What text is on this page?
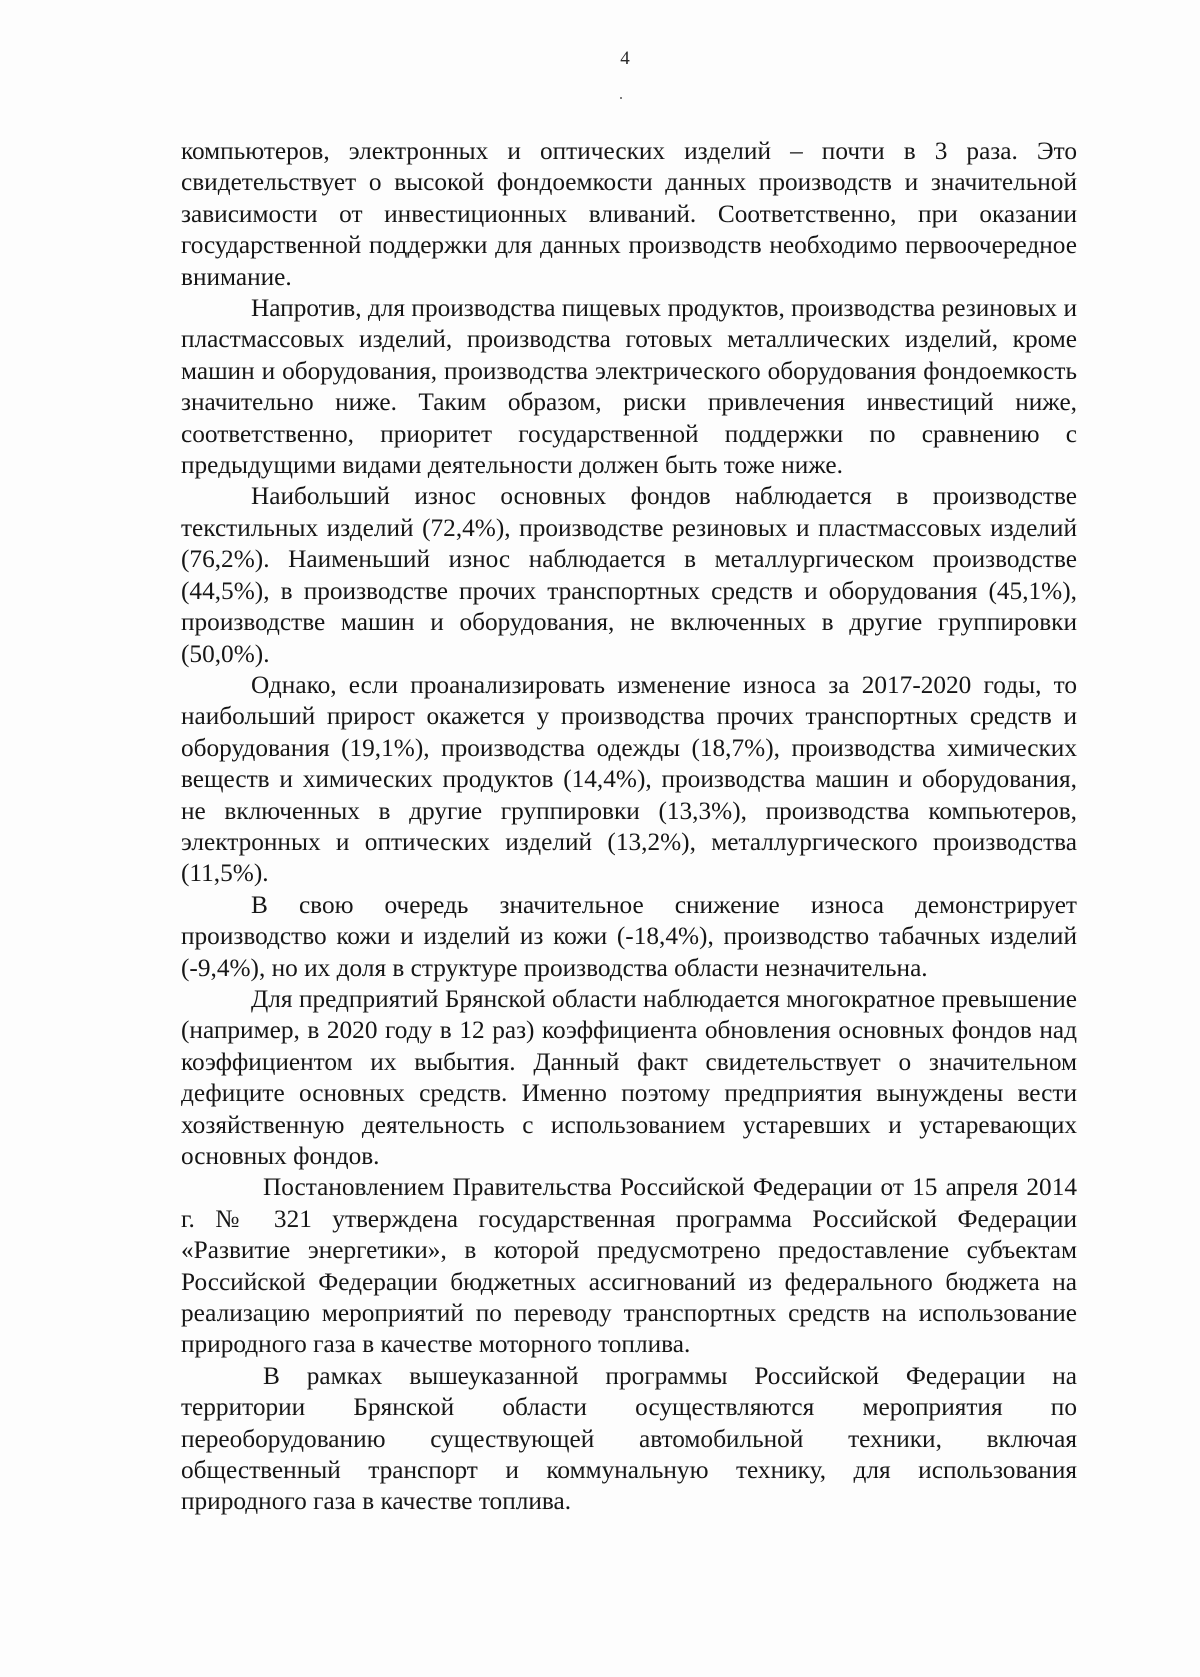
4

компьютеров, электронных и оптических изделий – почти в 3 раза. Это свидетельствует о высокой фондоемкости данных производств и значительной зависимости от инвестиционных вливаний. Соответственно, при оказании государственной поддержки для данных производств необходимо первоочередное внимание.

Напротив, для производства пищевых продуктов, производства резиновых и пластмассовых изделий, производства готовых металлических изделий, кроме машин и оборудования, производства электрического оборудования фондоемкость значительно ниже. Таким образом, риски привлечения инвестиций ниже, соответственно, приоритет государственной поддержки по сравнению с предыдущими видами деятельности должен быть тоже ниже.

Наибольший износ основных фондов наблюдается в производстве текстильных изделий (72,4%), производстве резиновых и пластмассовых изделий (76,2%). Наименьший износ наблюдается в металлургическом производстве (44,5%), в производстве прочих транспортных средств и оборудования (45,1%), производстве машин и оборудования, не включенных в другие группировки (50,0%).

Однако, если проанализировать изменение износа за 2017-2020 годы, то наибольший прирост окажется у производства прочих транспортных средств и оборудования (19,1%), производства одежды (18,7%), производства химических веществ и химических продуктов (14,4%), производства машин и оборудования, не включенных в другие группировки (13,3%), производства компьютеров, электронных и оптических изделий (13,2%), металлургического производства (11,5%).

В свою очередь значительное снижение износа демонстрирует производство кожи и изделий из кожи (-18,4%), производство табачных изделий (-9,4%), но их доля в структуре производства области незначительна.

Для предприятий Брянской области наблюдается многократное превышение (например, в 2020 году в 12 раз) коэффициента обновления основных фондов над коэффициентом их выбытия. Данный факт свидетельствует о значительном дефиците основных средств. Именно поэтому предприятия вынуждены вести хозяйственную деятельность с использованием устаревших и устаревающих основных фондов.

Постановлением Правительства Российской Федерации от 15 апреля 2014 г. № 321 утверждена государственная программа Российской Федерации «Развитие энергетики», в которой предусмотрено предоставление субъектам Российской Федерации бюджетных ассигнований из федерального бюджета на реализацию мероприятий по переводу транспортных средств на использование природного газа в качестве моторного топлива.

В рамках вышеуказанной программы Российской Федерации на территории Брянской области осуществляются мероприятия по переоборудованию существующей автомобильной техники, включая общественный транспорт и коммунальную технику, для использования природного газа в качестве топлива.
